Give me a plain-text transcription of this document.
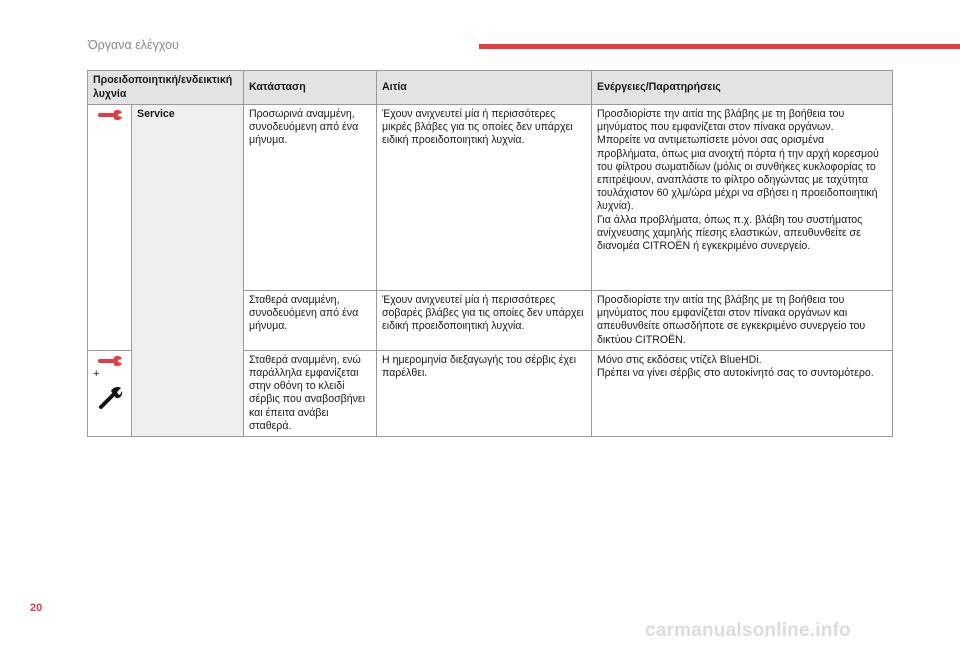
Όργανα ελέγχου
Προειδοποιητική/ενδεικτική λυχνία		Κατάσταση	Αιτία	Ενέργειες/Παρατηρήσεις

	Service	Προσωρινά αναμμένη, συνοδευόμενη από ένα μήνυμα.	Έχουν ανιχνευτεί μία ή περισσότερες μικρές βλάβες για τις οποίες δεν υπάρχει ειδική προειδοποιητική λυχνία.	Προσδιορίστε την αιτία της βλάβης με τη βοήθεια του μηνύματος που εμφανίζεται στον πίνακα οργάνων.
Μπορείτε να αντιμετωπίσετε μόνοι σας ορισμένα προβλήματα, όπως μια ανοιχτή πόρτα ή την αρχή κορεσμού του φίλτρου σωματιδίων (μόλις οι συνθήκες κυκλοφορίας το επιτρέψουν, αναπλάστε το φίλτρο οδηγώντας με ταχύτητα τουλάχιστον 60 χλμ/ώρα μέχρι να σβήσει η προειδοποιητική λυχνία).
Για άλλα προβλήματα, όπως π.χ. βλάβη του συστήματος ανίχνευσης χαμηλής πίεσης ελαστικών, απευθυνθείτε σε διανομέα CITROËN ή εγκεκριμένο συνεργείο.
		Σταθερά αναμμένη, συνοδευόμενη από ένα μήνυμα.	Έχουν ανιχνευτεί μία ή περισσότερες σοβαρές βλάβες για τις οποίες δεν υπάρχει ειδική προειδοποιητική λυχνία.	Προσδιορίστε την αιτία της βλάβης με τη βοήθεια του μηνύματος που εμφανίζεται στον πίνακα οργάνων και απευθυνθείτε οπωσδήποτε σε εγκεκριμένο συνεργείο του δικτύου CITROËN.

+		Σταθερά αναμμένη, ενώ παράλληλα εμφανίζεται στην οθόνη το κλειδί σέρβις που αναβοσβήνει και έπειτα ανάβει σταθερά.	Η ημερομηνία διεξαγωγής του σέρβις έχει παρέλθει.	Μόνο στις εκδόσεις ντίζελ BlueHDi.
Πρέπει να γίνει σέρβις στο αυτοκίνητό σας το συντομότερο.
20
carmanualsonline.info
